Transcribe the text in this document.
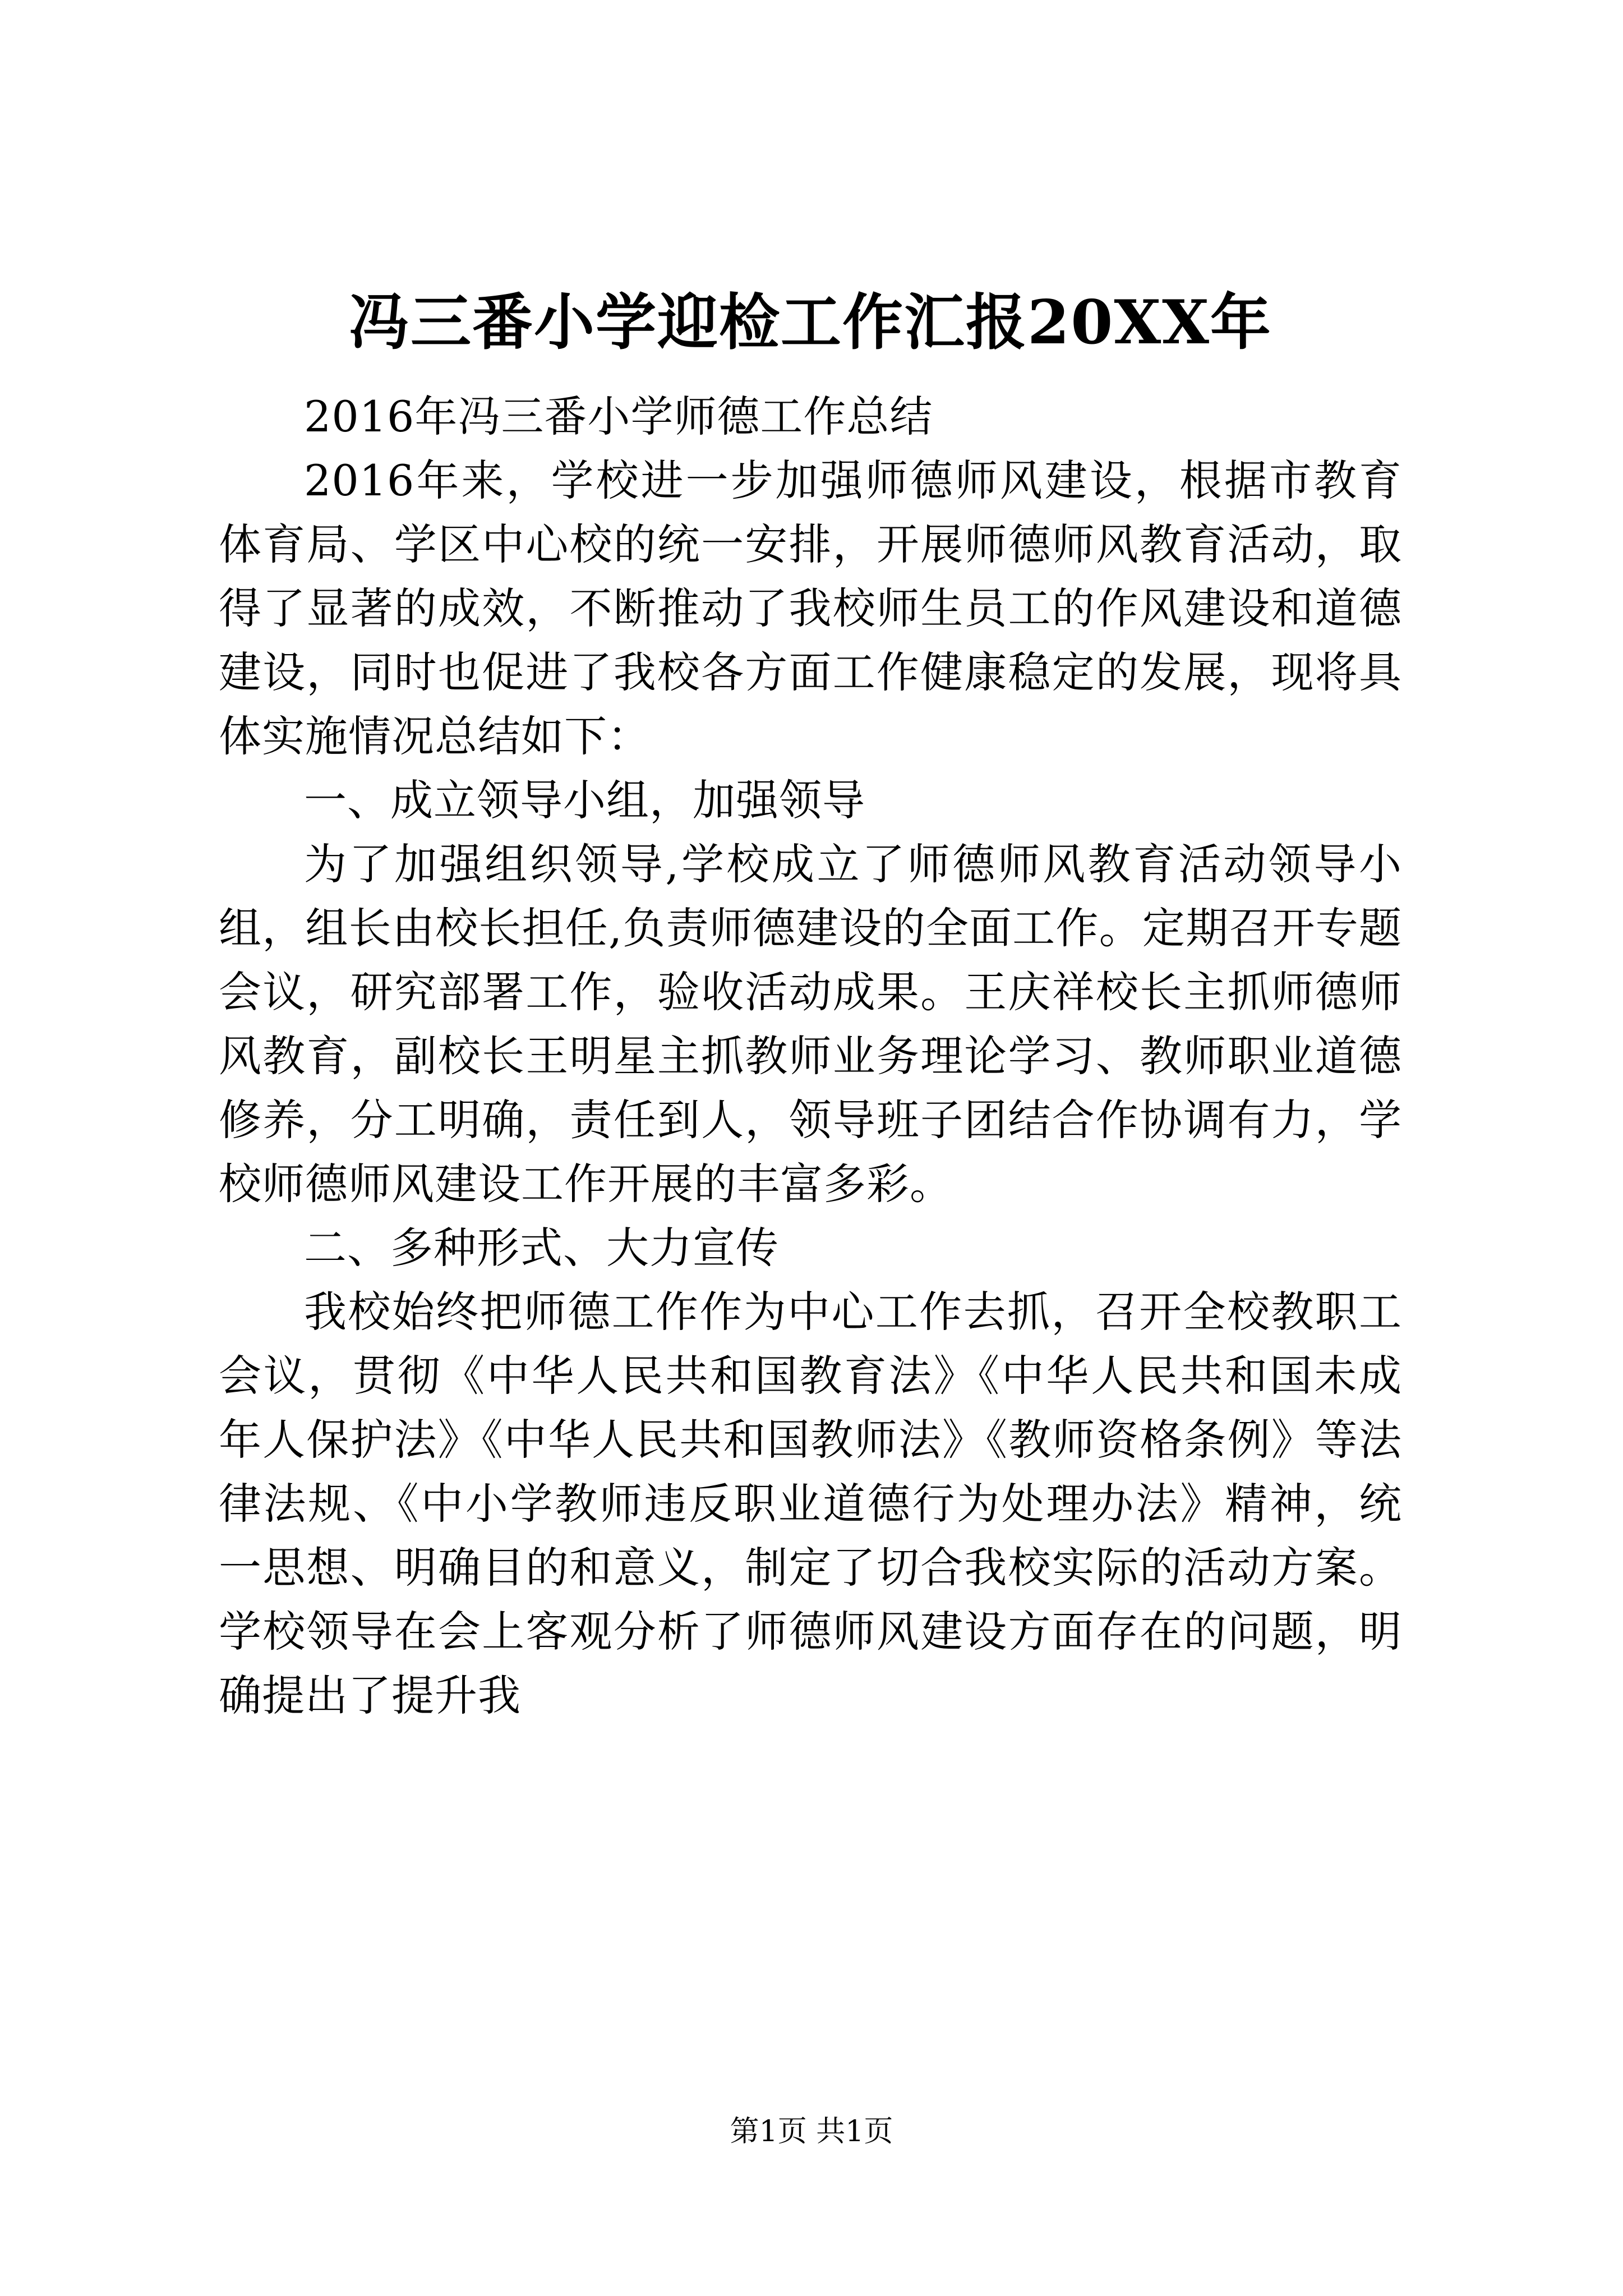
冯三番小学迎检工作汇报20XX年

2016年冯三番小学师德工作总结

2016年来，学校进一步加强师德师风建设，根据市教育体育局、学区中心校的统一安排，开展师德师风教育活动，取得了显著的成效，不断推动了我校师生员工的作风建设和道德建设，同时也促进了我校各方面工作健康稳定的发展，现将具体实施情况总结如下：

一、成立领导小组，加强领导

为了加强组织领导,学校成立了师德师风教育活动领导小组，组长由校长担任,负责师德建设的全面工作。定期召开专题会议，研究部署工作，验收活动成果。王庆祥校长主抓师德师风教育，副校长王明星主抓教师业务理论学习、教师职业道德修养，分工明确，责任到人，领导班子团结合作协调有力，学校师德师风建设工作开展的丰富多彩。

二、多种形式、大力宣传

我校始终把师德工作作为中心工作去抓，召开全校教职工会议，贯彻《中华人民共和国教育法》《中华人民共和国未成年人保护法》《中华人民共和国教师法》《教师资格条例》等法律法规、《中小学教师违反职业道德行为处理办法》精神，统一思想、明确目的和意义，制定了切合我校实际的活动方案。学校领导在会上客观分析了师德师风建设方面存在的问题，明确提出了提升我

第1页 共1页
